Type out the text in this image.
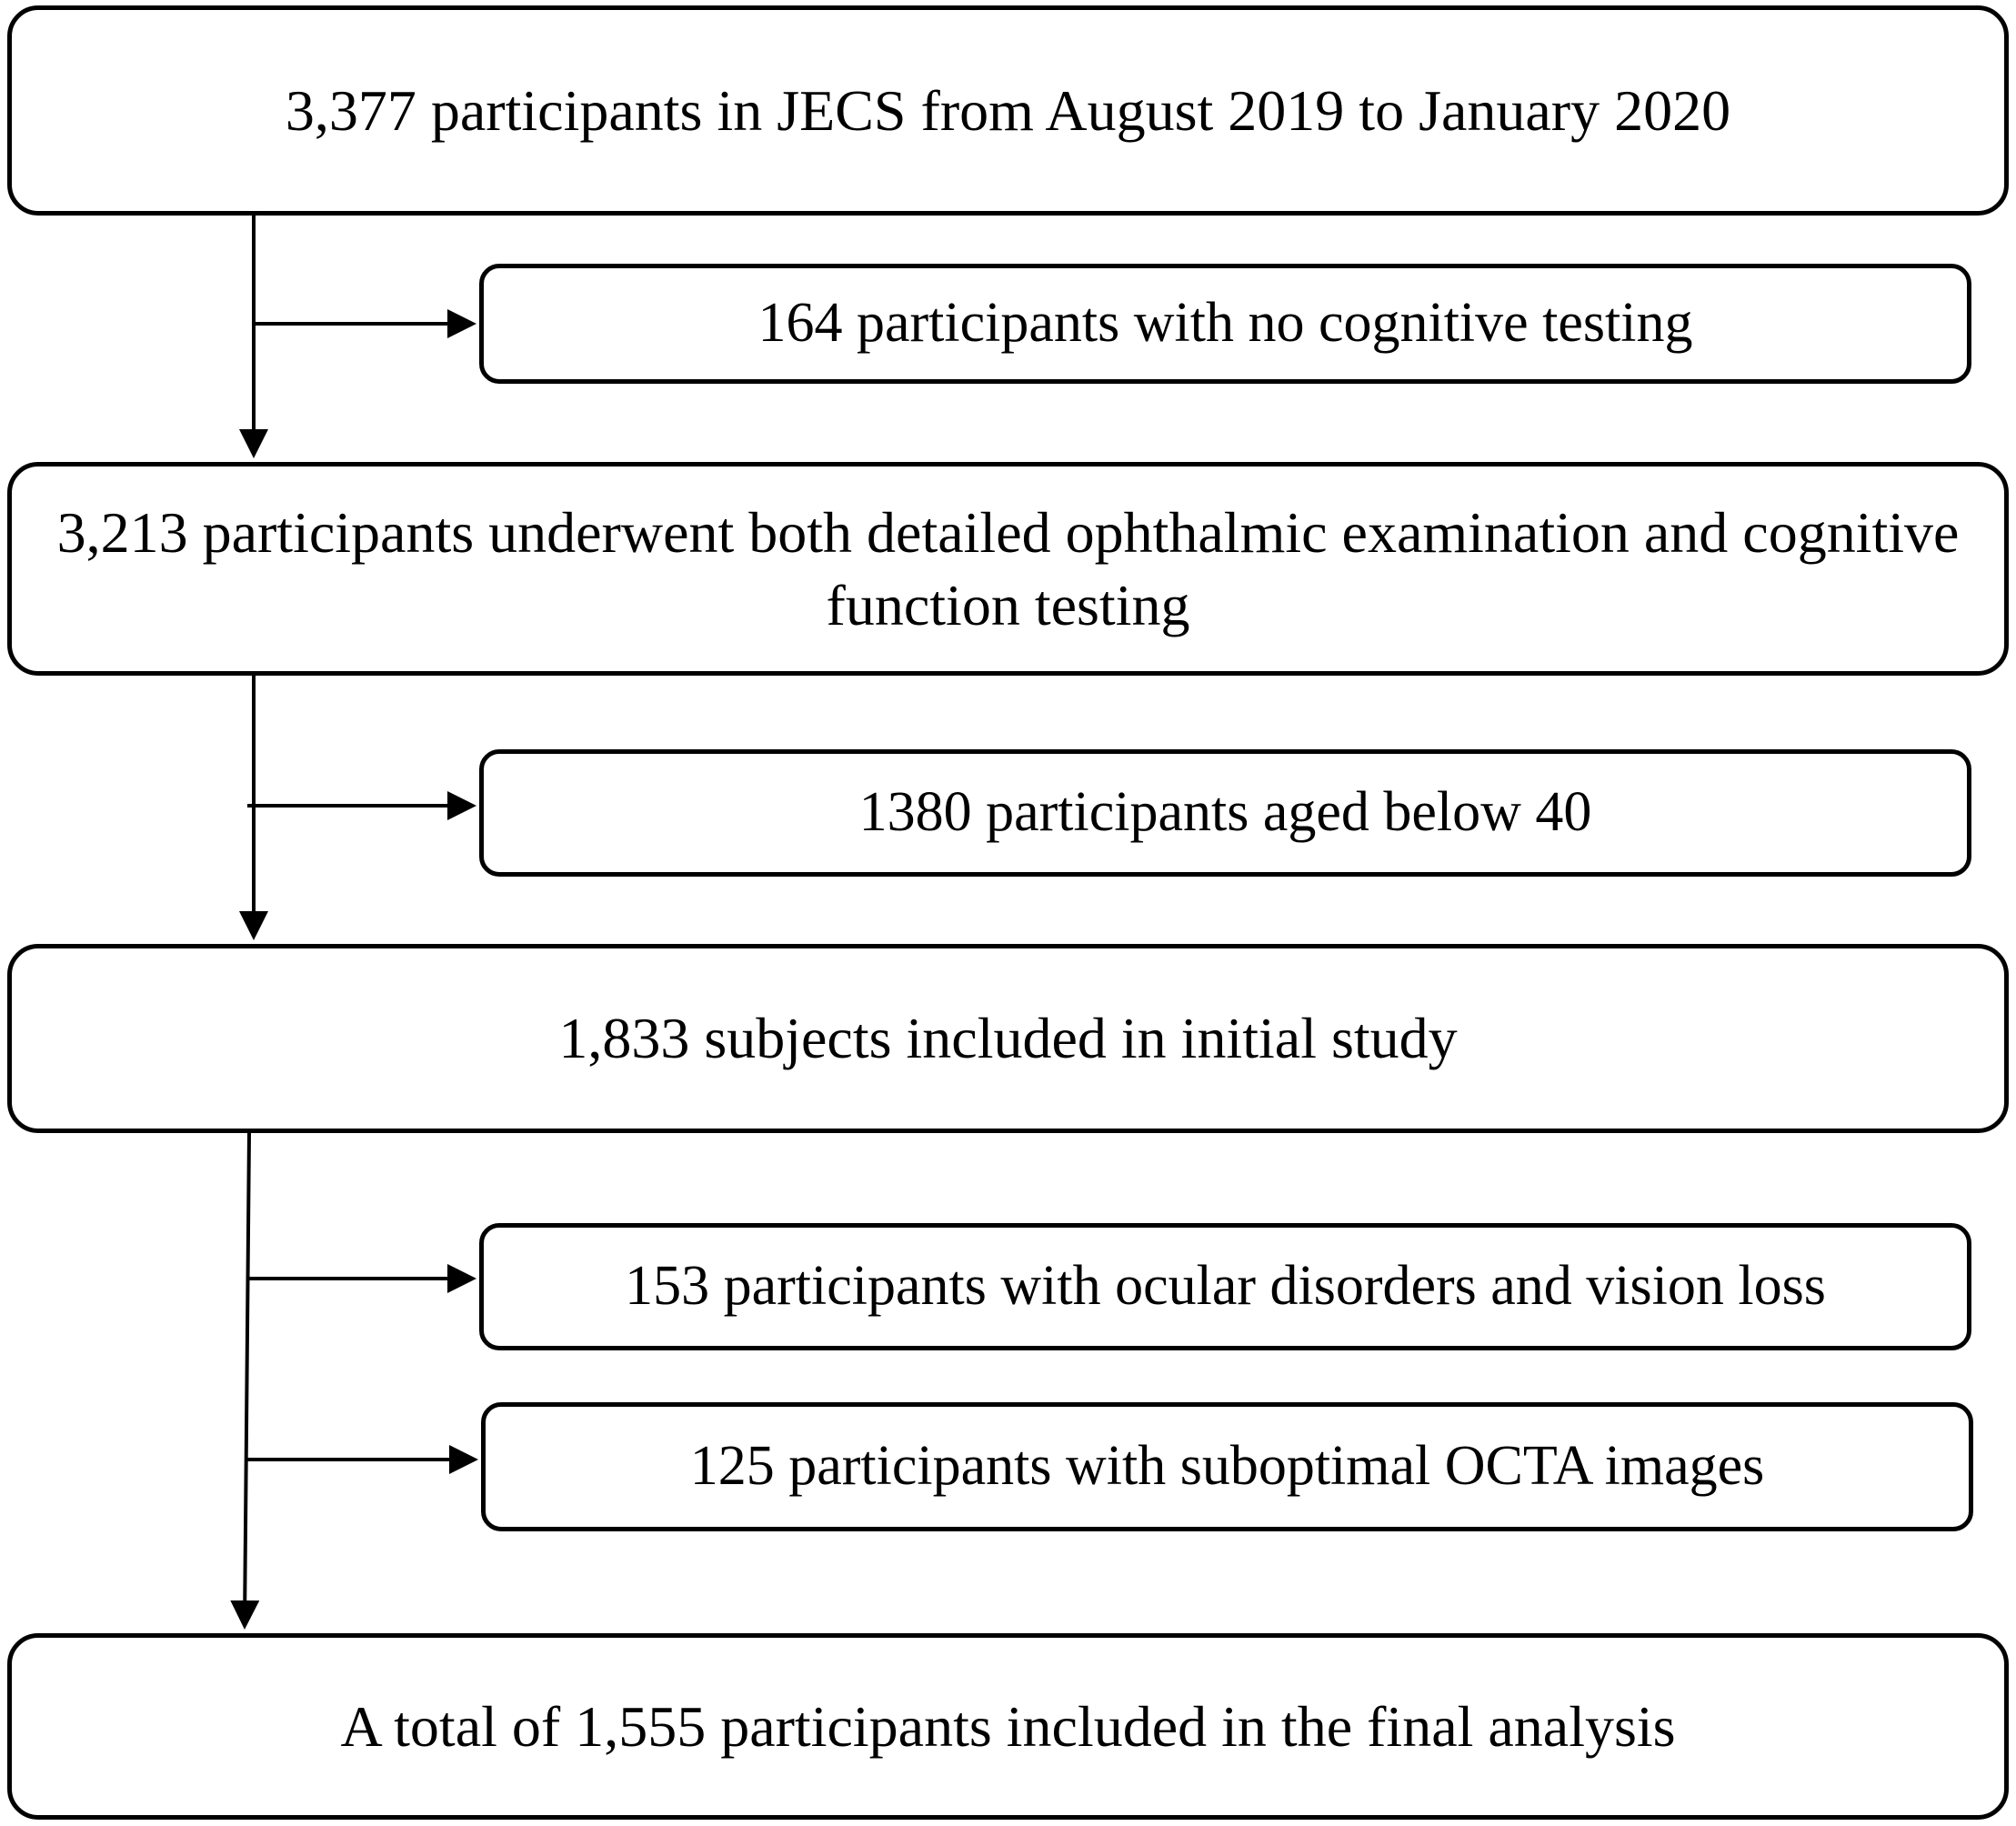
3,377 participants in JECS from August 2019 to January 2020
3,213 participants underwent both detailed ophthalmic examination and cognitive function testing
1,833 subjects included in initial study
A total of 1,555 participants included in the final analysis
164 participants with no cognitive testing
1380 participants aged below 40
153 participants with ocular disorders and vision loss
125 participants with suboptimal OCTA images
